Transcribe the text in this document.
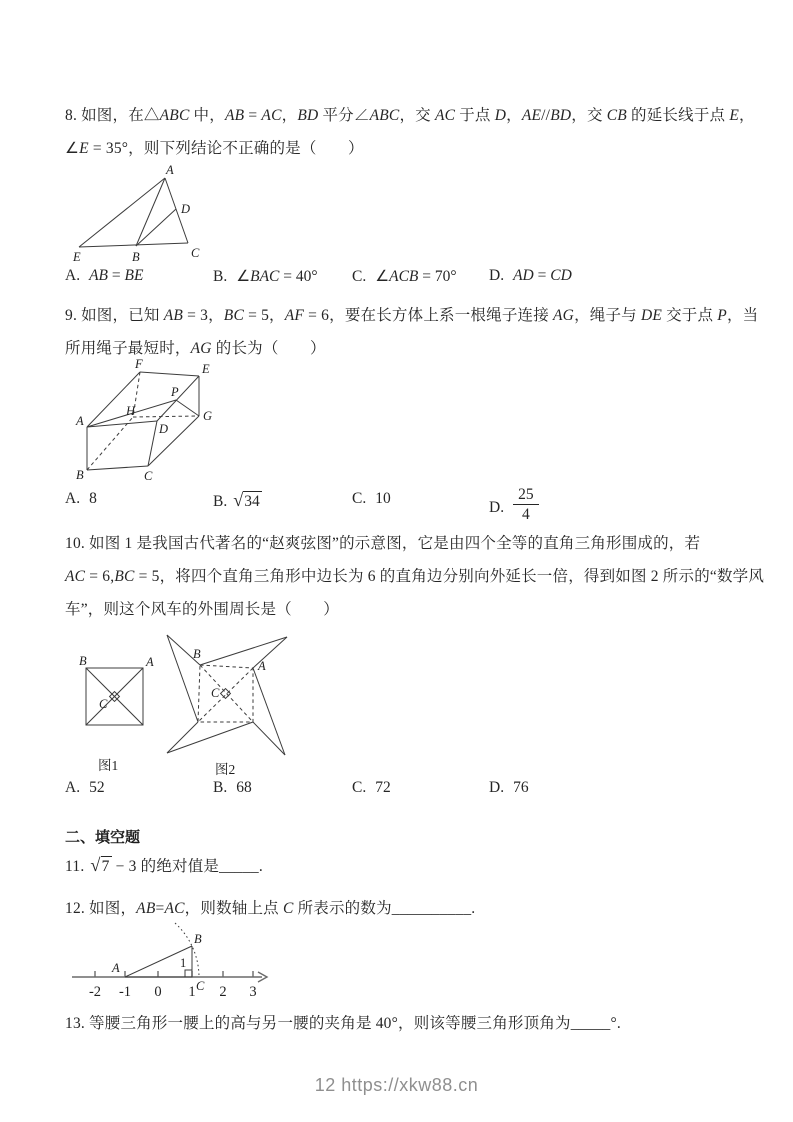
8. 如图，在△ABC 中，AB = AC，BD 平分∠ABC，交 AC 于点 D，AE//BD，交 CB 的延长线于点 E，
∠E = 35°，则下列结论不正确的是（　　）
A
D
E	B	C
A. AB = BE	B. ∠BAC = 40° C. ∠ACB = 70° D. AD = CD
9. 如图，已知 AB = 3，BC = 5，AF = 6，要在长方体上系一根绳子连接 AG，绳子与 DE 交于点 P，当
所用绳子最短时，AG 的长为（　　）
F	E
P
G
H
A
D
B	C
A. 8	B. √34	C. 10
D. $\frac{25}{4}$
10. 如图 1 是我国古代著名的“赵爽弦图”的示意图，它是由四个全等的直角三角形围成的，若
AC = 6,BC = 5，将四个直角三角形中边长为 6 的直角边分别向外延长一倍，得到如图 2 所示的“数学风
车”，则这个风车的外围周长是（　　）
B	A
C
图1
B
A
C
图2
A. 52	B. 68	C. 72	D. 76
二、填空题
11. √7 − 3 的绝对值是_____.
12. 如图，AB=AC，则数轴上点 C 所表示的数为__________.
-2 -1 0 1 2 3
A
B
C
1
13. 等腰三角形一腰上的高与另一腰的夹角是 40°，则该等腰三角形顶角为_____°.
12 https://xkw88.cn
